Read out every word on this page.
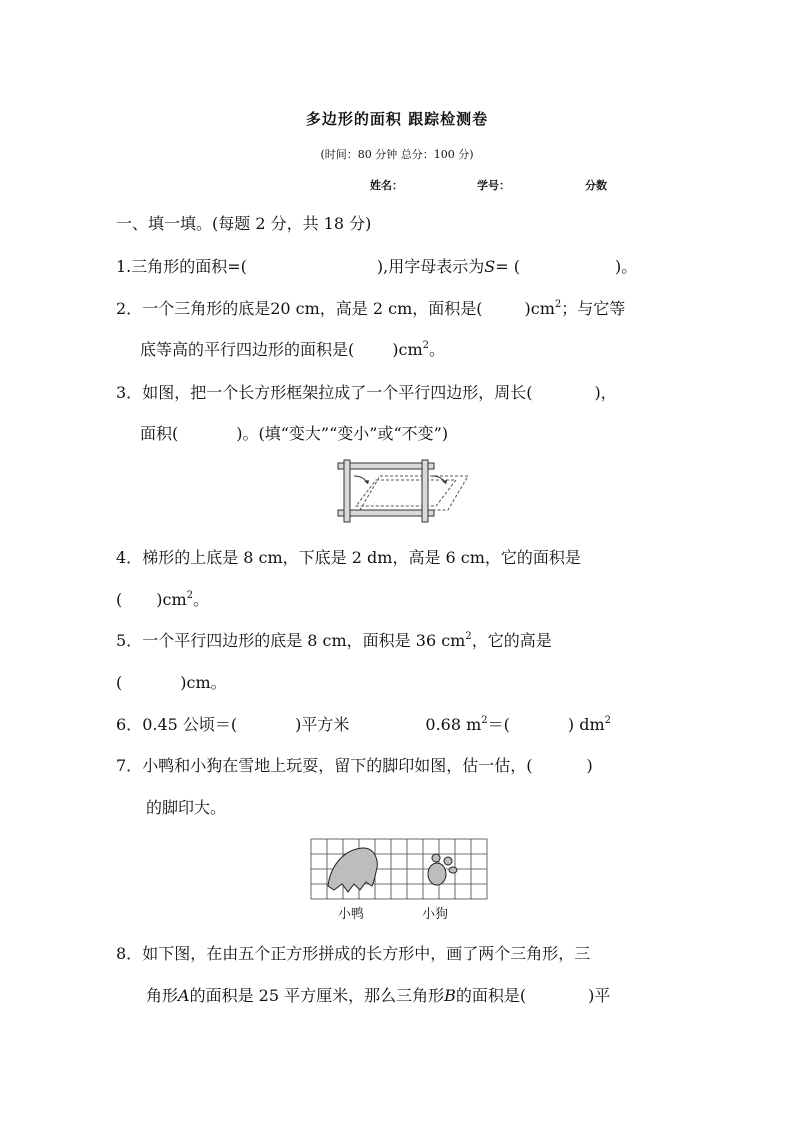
多边形的面积 跟踪检测卷
(时间：80 分钟 总分：100 分)
姓名：	学号：	分数
一、填一填。(每题 2 分，共 18 分)
1.三角形的面积=(	),用字母表示为S= (	)。
2．一个三角形的底是20 cm，高是 2 cm，面积是(	)$cm^2$；与它等
底等高的平行四边形的面积是( )$cm^2$。
3．如图，把一个长方形框架拉成了一个平行四边形，周长(	)，
面积(	)。(填“变大”“变小”或“不变”)
4．梯形的上底是 8 cm，下底是 2 dm，高是 6 cm，它的面积是
( )$cm^2$。
5．一个平行四边形的底是 8 cm，面积是 36 $cm^2$，它的高是
(	)cm。
6．0.45 公顷＝(	)平方米	0.68 $m^2=$(	) $dm^2$
7．小鸭和小狗在雪地上玩耍，留下的脚印如图，估一估，(	)
的脚印大。
小鸭	小狗
8．如下图，在由五个正方形拼成的长方形中，画了两个三角形，三
角形A的面积是 25 平方厘米，那么三角形B的面积是(	)平
